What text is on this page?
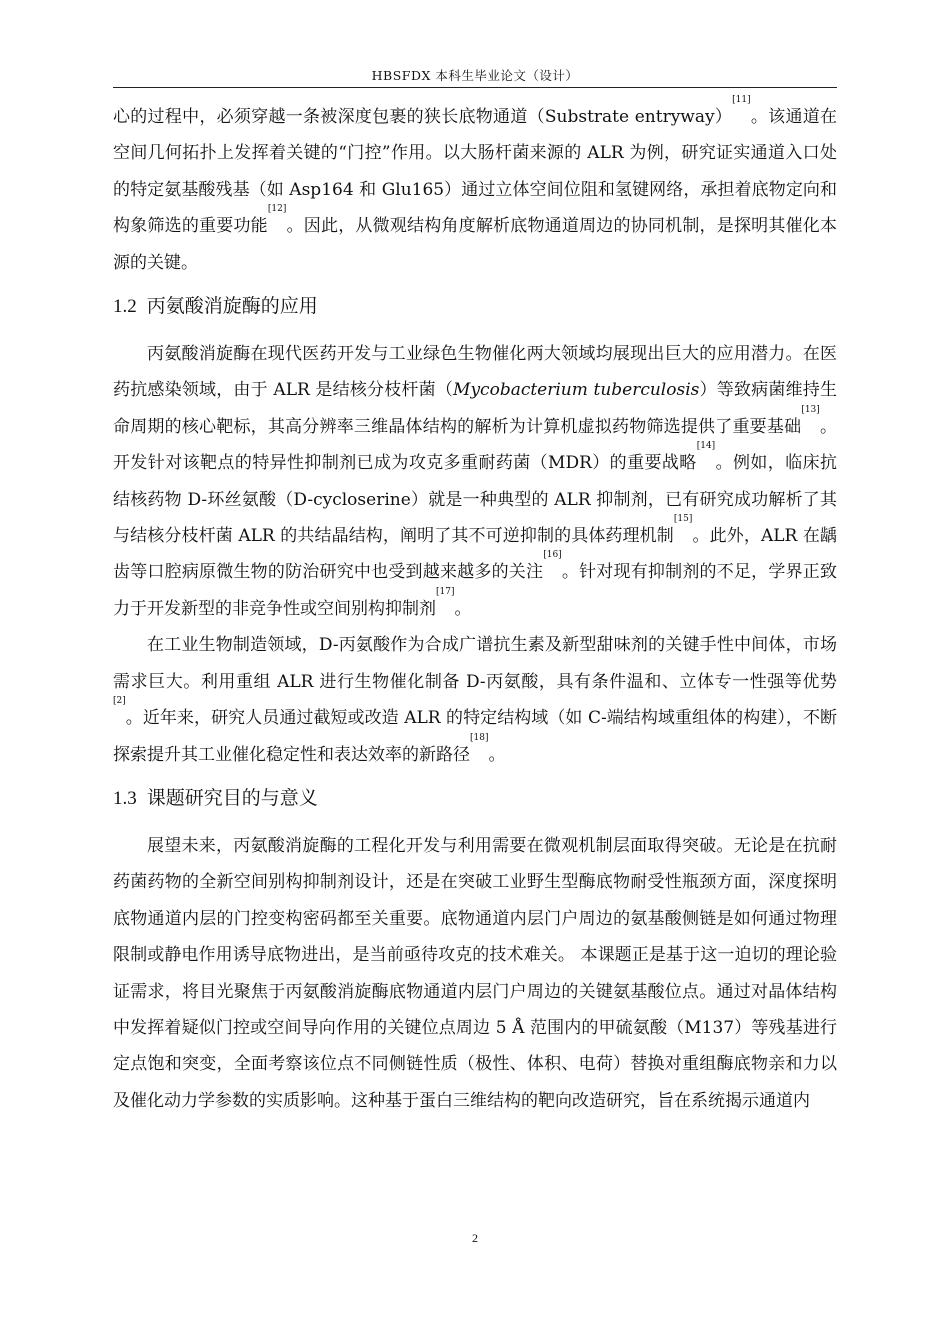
HBSFDX 本科生毕业论文（设计）

心的过程中，必须穿越一条被深度包裹的狭长底物通道（Substrate entryway）[11]。该通道在空间几何拓扑上发挥着关键的“门控”作用。以大肠杆菌来源的 ALR 为例，研究证实通道入口处的特定氨基酸残基（如 Asp164 和 Glu165）通过立体空间位阻和氢键网络，承担着底物定向和构象筛选的重要功能[12]。因此，从微观结构角度解析底物通道周边的协同机制，是探明其催化本源的关键。

1.2 丙氨酸消旋酶的应用

丙氨酸消旋酶在现代医药开发与工业绿色生物催化两大领域均展现出巨大的应用潜力。在医药抗感染领域，由于 ALR 是结核分枝杆菌（Mycobacterium tuberculosis）等致病菌维持生命周期的核心靶标，其高分辨率三维晶体结构的解析为计算机虚拟药物筛选提供了重要基础[13]。开发针对该靶点的特异性抑制剂已成为攻克多重耐药菌（MDR）的重要战略[14]。例如，临床抗结核药物 D-环丝氨酸（D-cycloserine）就是一种典型的 ALR 抑制剂，已有研究成功解析了其与结核分枝杆菌 ALR 的共结晶结构，阐明了其不可逆抑制的具体药理机制[15]。此外，ALR 在龋齿等口腔病原微生物的防治研究中也受到越来越多的关注[16]。针对现有抑制剂的不足，学界正致力于开发新型的非竞争性或空间别构抑制剂[17]。

在工业生物制造领域，D-丙氨酸作为合成广谱抗生素及新型甜味剂的关键手性中间体，市场需求巨大。利用重组 ALR 进行生物催化制备 D-丙氨酸，具有条件温和、立体专一性强等优势[2]。近年来，研究人员通过截短或改造 ALR 的特定结构域（如 C-端结构域重组体的构建），不断探索提升其工业催化稳定性和表达效率的新路径[18]。

1.3 课题研究目的与意义

展望未来，丙氨酸消旋酶的工程化开发与利用需要在微观机制层面取得突破。无论是在抗耐药菌药物的全新空间别构抑制剂设计，还是在突破工业野生型酶底物耐受性瓶颈方面，深度探明底物通道内层的门控变构密码都至关重要。底物通道内层门户周边的氨基酸侧链是如何通过物理限制或静电作用诱导底物进出，是当前亟待攻克的技术难关。 本课题正是基于这一迫切的理论验证需求，将目光聚焦于丙氨酸消旋酶底物通道内层门户周边的关键氨基酸位点。通过对晶体结构中发挥着疑似门控或空间导向作用的关键位点周边 5 Å 范围内的甲硫氨酸（M137）等残基进行定点饱和突变，全面考察该位点不同侧链性质（极性、体积、电荷）替换对重组酶底物亲和力以及催化动力学参数的实质影响。这种基于蛋白三维结构的靶向改造研究，旨在系统揭示通道内

2
